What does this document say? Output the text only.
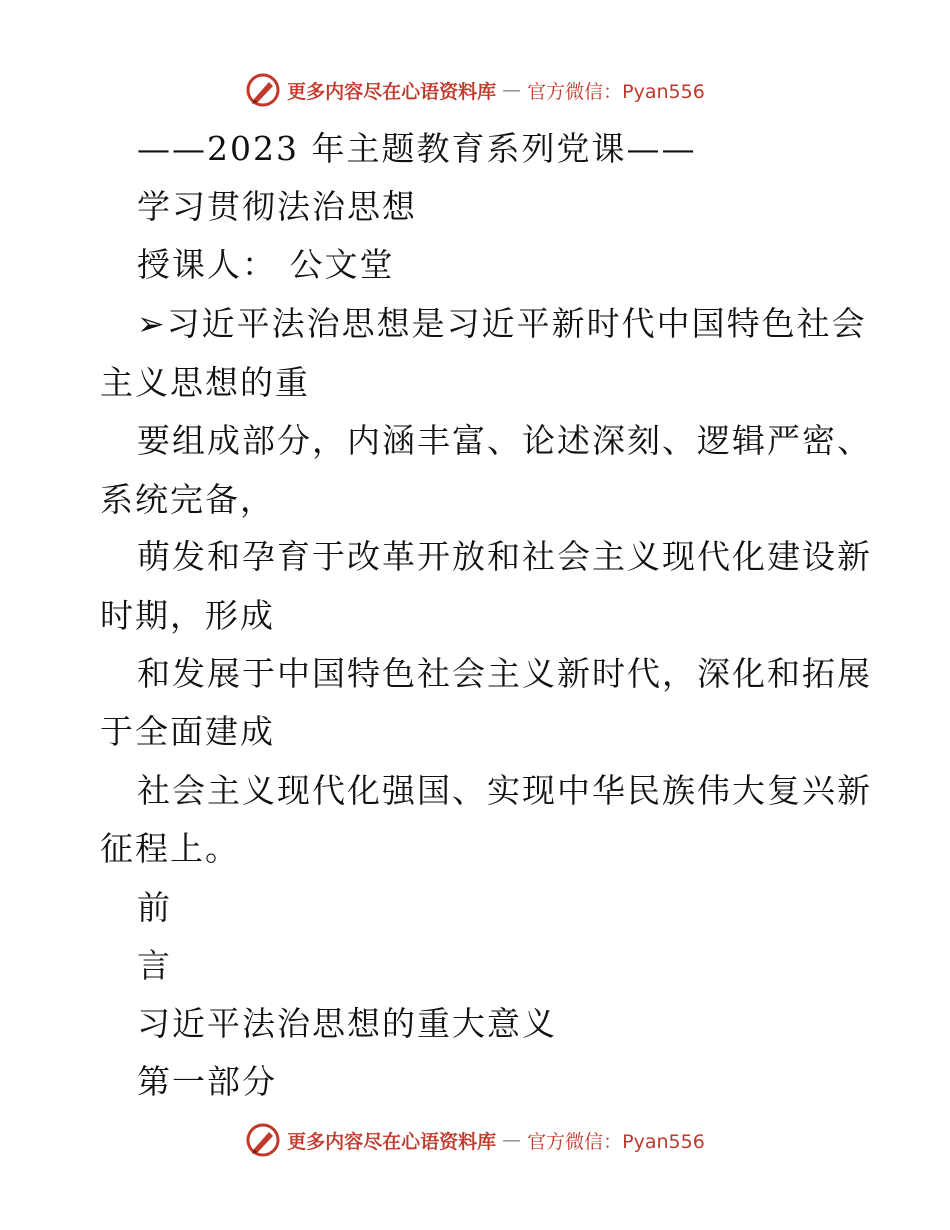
更多内容尽在心语资料库 — 官方微信：Pyan556
——2023 年主题教育系列党课——
学习贯彻法治思想
授课人： 公文堂
➢习近平法治思想是习近平新时代中国特色社会
主义思想的重
要组成部分，内涵丰富、论述深刻、逻辑严密、
系统完备，
萌发和孕育于改革开放和社会主义现代化建设新
时期，形成
和发展于中国特色社会主义新时代，深化和拓展
于全面建成
社会主义现代化强国、实现中华民族伟大复兴新
征程上。
前
言
习近平法治思想的重大意义
第一部分
更多内容尽在心语资料库 — 官方微信：Pyan556
